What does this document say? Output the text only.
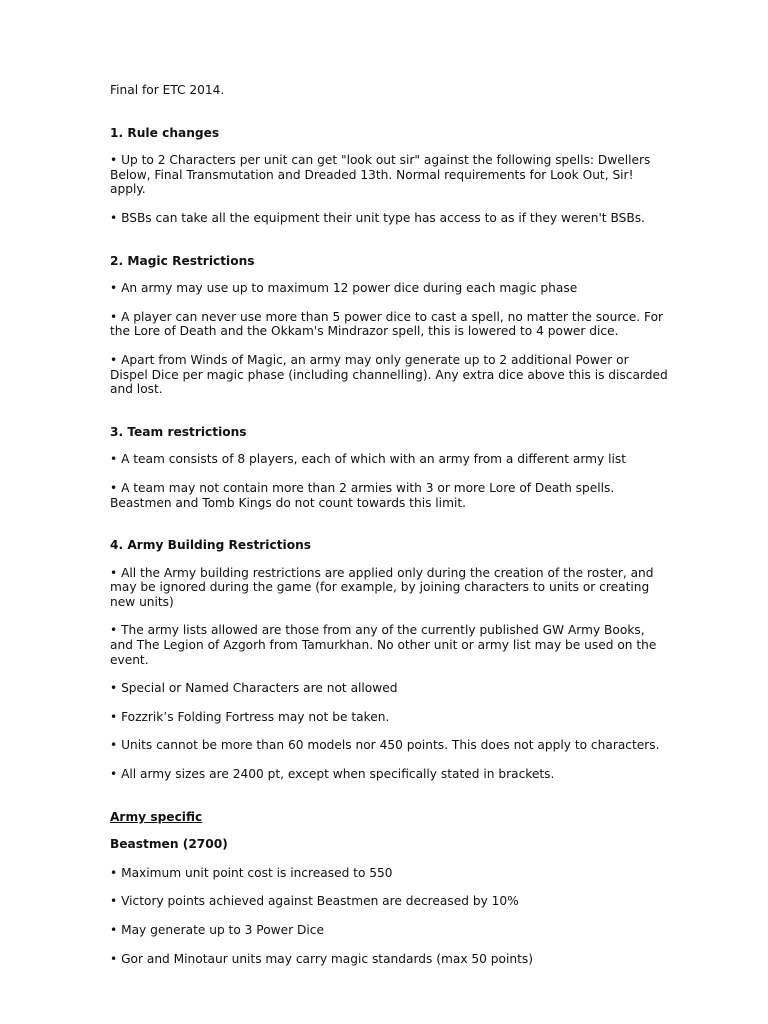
Final for ETC 2014.

1. Rule changes

• Up to 2 Characters per unit can get "look out sir" against the following spells: Dwellers Below, Final Transmutation and Dreaded 13th. Normal requirements for Look Out, Sir! apply.

• BSBs can take all the equipment their unit type has access to as if they weren't BSBs.

2. Magic Restrictions

• An army may use up to maximum 12 power dice during each magic phase

• A player can never use more than 5 power dice to cast a spell, no matter the source. For the Lore of Death and the Okkam's Mindrazor spell, this is lowered to 4 power dice.

• Apart from Winds of Magic, an army may only generate up to 2 additional Power or Dispel Dice per magic phase (including channelling). Any extra dice above this is discarded and lost.

3. Team restrictions

• A team consists of 8 players, each of which with an army from a different army list

• A team may not contain more than 2 armies with 3 or more Lore of Death spells. Beastmen and Tomb Kings do not count towards this limit.

4. Army Building Restrictions

• All the Army building restrictions are applied only during the creation of the roster, and may be ignored during the game (for example, by joining characters to units or creating new units)

• The army lists allowed are those from any of the currently published GW Army Books, and The Legion of Azgorh from Tamurkhan. No other unit or army list may be used on the event.

• Special or Named Characters are not allowed

• Fozzrik’s Folding Fortress may not be taken.

• Units cannot be more than 60 models nor 450 points. This does not apply to characters.

• All army sizes are 2400 pt, except when specifically stated in brackets.

Army specific

Beastmen (2700)

• Maximum unit point cost is increased to 550

• Victory points achieved against Beastmen are decreased by 10%

• May generate up to 3 Power Dice

• Gor and Minotaur units may carry magic standards (max 50 points)
